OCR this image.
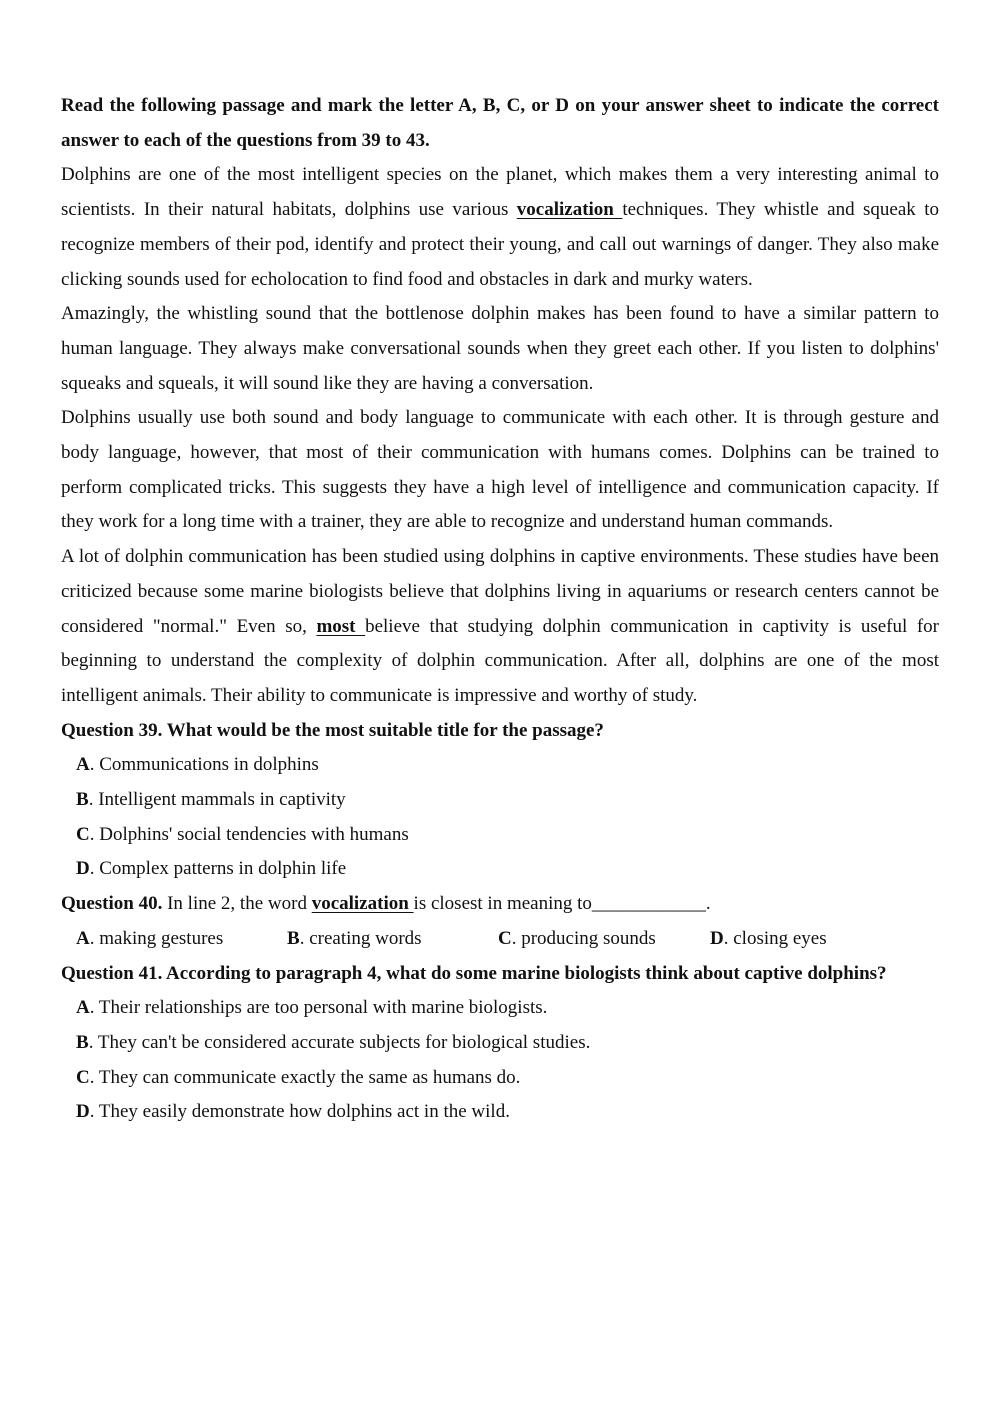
Read the following passage and mark the letter A, B, C, or D on your answer sheet to indicate the correct answer to each of the questions from 39 to 43.

Dolphins are one of the most intelligent species on the planet, which makes them a very interesting animal to scientists. In their natural habitats, dolphins use various vocalization techniques. They whistle and squeak to recognize members of their pod, identify and protect their young, and call out warnings of danger. They also make clicking sounds used for echolocation to find food and obstacles in dark and murky waters.

Amazingly, the whistling sound that the bottlenose dolphin makes has been found to have a similar pattern to human language. They always make conversational sounds when they greet each other. If you listen to dolphins' squeaks and squeals, it will sound like they are having a conversation.

Dolphins usually use both sound and body language to communicate with each other. It is through gesture and body language, however, that most of their communication with humans comes. Dolphins can be trained to perform complicated tricks. This suggests they have a high level of intelligence and communication capacity. If they work for a long time with a trainer, they are able to recognize and understand human commands.

A lot of dolphin communication has been studied using dolphins in captive environments. These studies have been criticized because some marine biologists believe that dolphins living in aquariums or research centers cannot be considered "normal." Even so, most believe that studying dolphin communication in captivity is useful for beginning to understand the complexity of dolphin communication. After all, dolphins are one of the most intelligent animals. Their ability to communicate is impressive and worthy of study.

Question 39. What would be the most suitable title for the passage?
A. Communications in dolphins
B. Intelligent mammals in captivity
C. Dolphins' social tendencies with humans
D. Complex patterns in dolphin life
Question 40. In line 2, the word vocalization is closest in meaning to____________.
A. making gestures	B. creating words	C. producing sounds	D. closing eyes
Question 41. According to paragraph 4, what do some marine biologists think about captive dolphins?
A. Their relationships are too personal with marine biologists.
B. They can't be considered accurate subjects for biological studies.
C. They can communicate exactly the same as humans do.
D. They easily demonstrate how dolphins act in the wild.
